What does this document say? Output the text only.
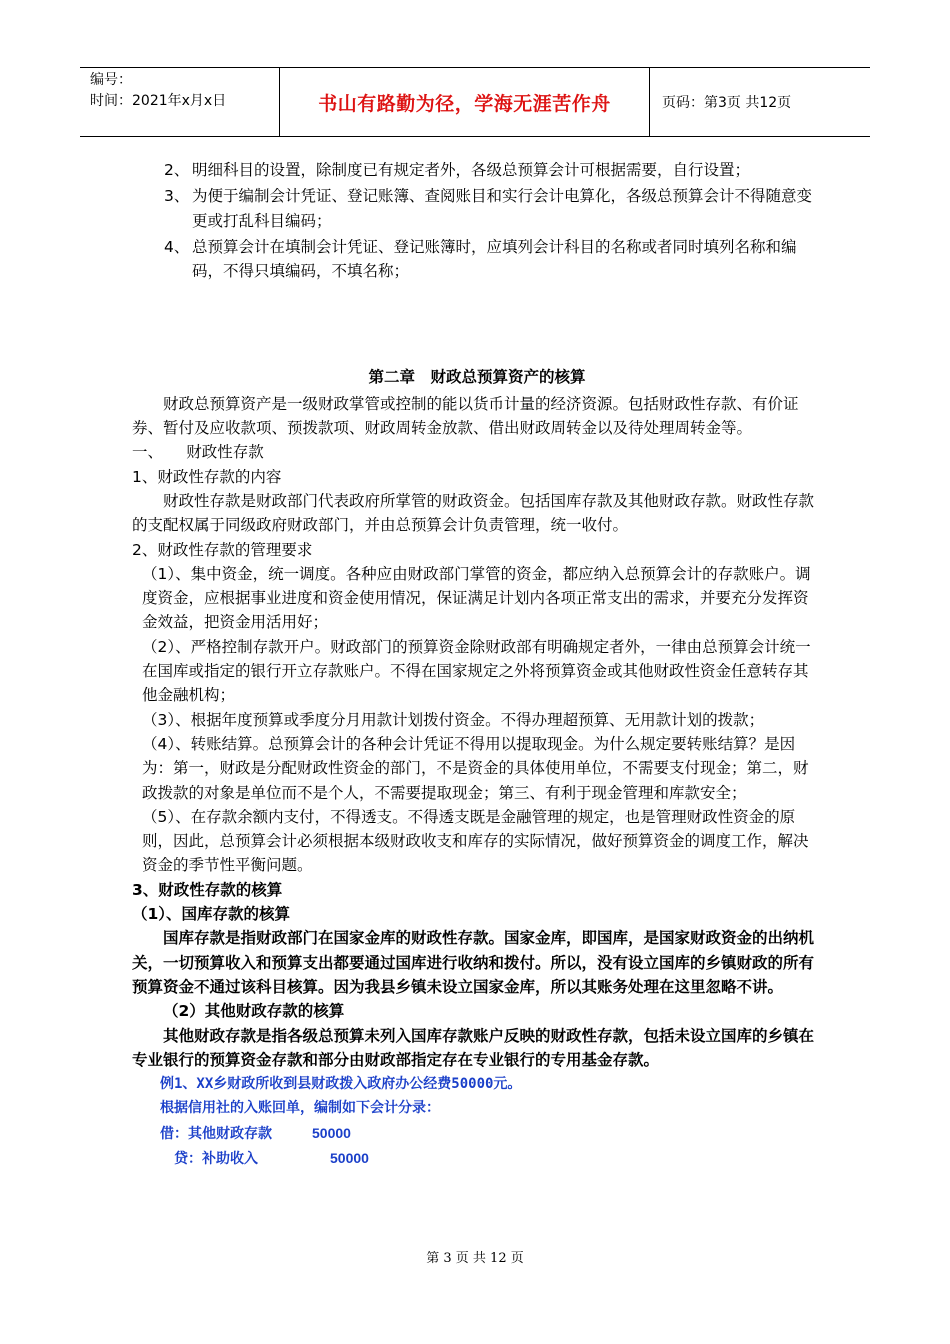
编号：
时间：2021年x月x日	书山有路勤为径，学海无涯苦作舟	页码：第3页 共12页
2、 明细科目的设置，除制度已有规定者外，各级总预算会计可根据需要，自行设置；
3、 为便于编制会计凭证、登记账簿、查阅账目和实行会计电算化，各级总预算会计不得随意变更或打乱科目编码；
4、 总预算会计在填制会计凭证、登记账簿时，应填列会计科目的名称或者同时填列名称和编码，不得只填编码，不填名称；

第二章　财政总预算资产的核算

财政总预算资产是一级财政掌管或控制的能以货币计量的经济资源。包括财政性存款、有价证券、暂付及应收款项、预拨款项、财政周转金放款、借出财政周转金以及待处理周转金等。

一、　　财政性存款

1、财政性存款的内容

财政性存款是财政部门代表政府所掌管的财政资金。包括国库存款及其他财政存款。财政性存款的支配权属于同级政府财政部门，并由总预算会计负责管理，统一收付。

2、财政性存款的管理要求

（1）、集中资金，统一调度。各种应由财政部门掌管的资金，都应纳入总预算会计的存款账户。调度资金，应根据事业进度和资金使用情况，保证满足计划内各项正常支出的需求，并要充分发挥资金效益，把资金用活用好；

（2）、严格控制存款开户。财政部门的预算资金除财政部有明确规定者外，一律由总预算会计统一在国库或指定的银行开立存款账户。不得在国家规定之外将预算资金或其他财政性资金任意转存其他金融机构；

（3）、根据年度预算或季度分月用款计划拨付资金。不得办理超预算、无用款计划的拨款；

（4）、转账结算。总预算会计的各种会计凭证不得用以提取现金。为什么规定要转账结算？是因为：第一，财政是分配财政性资金的部门，不是资金的具体使用单位，不需要支付现金；第二，财政拨款的对象是单位而不是个人，不需要提取现金；第三、有利于现金管理和库款安全；

（5）、在存款余额内支付，不得透支。不得透支既是金融管理的规定，也是管理财政性资金的原则，因此，总预算会计必须根据本级财政收支和库存的实际情况，做好预算资金的调度工作，解决资金的季节性平衡问题。

3、财政性存款的核算

（1）、国库存款的核算

国库存款是指财政部门在国家金库的财政性存款。国家金库，即国库，是国家财政资金的出纳机关，一切预算收入和预算支出都要通过国库进行收纳和拨付。所以，没有设立国库的乡镇财政的所有预算资金不通过该科目核算。因为我县乡镇未设立国家金库，所以其账务处理在这里忽略不讲。

（2）其他财政存款的核算

其他财政存款是指各级总预算未列入国库存款账户反映的财政性存款，包括未设立国库的乡镇在专业银行的预算资金存款和部分由财政部指定存在专业银行的专用基金存款。

例1、XX乡财政所收到县财政拨入政府办公经费50000元。

根据信用社的入账回单，编制如下会计分录：

借：其他财政存款	50000

贷：补助收入	50000

第 3 页 共 12 页
